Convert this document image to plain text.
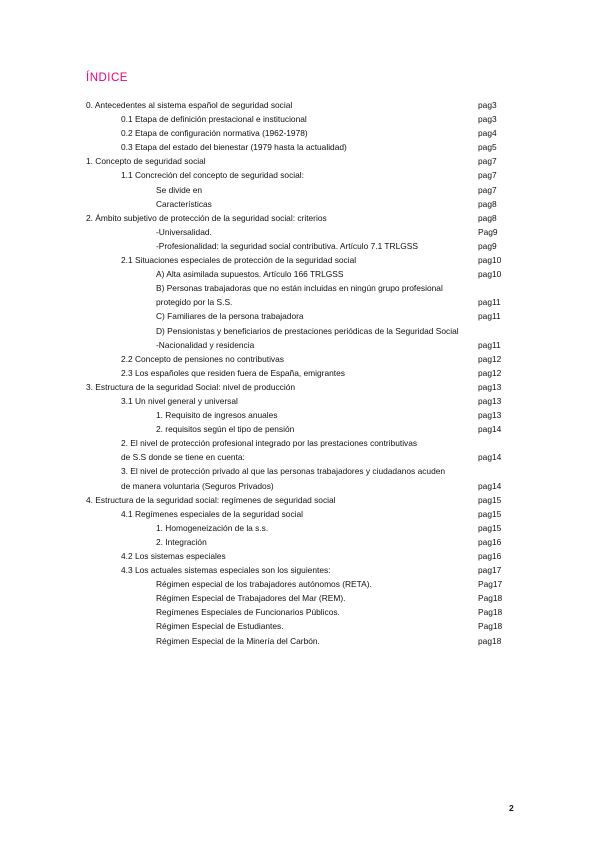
ÍNDICE
0. Antecedentes al sistema español de seguridad social	pag3
0.1 Etapa de definición prestacional e institucional	pag3
0.2 Etapa de configuración normativa (1962-1978)	pag4
0.3 Etapa del estado del bienestar (1979 hasta la actualidad)	pag5
1. Concepto de seguridad social	pag7
1.1 Concreción del concepto de seguridad social:	pag7
Se divide en	pag7
Características	pag8
2. Ámbito subjetivo de protección de la seguridad social: criterios	pag8
-Universalidad.	Pag9
-Profesionalidad: la seguridad social contributiva. Artículo 7.1 TRLGSS	pag9
2.1 Situaciones especiales de protección de la seguridad social	pag10
A) Alta asimilada supuestos. Artículo 166 TRLGSS	pag10
B) Personas trabajadoras que no están incluidas en ningún grupo profesional
protegido por la S.S.	pag11
C) Familiares de la persona trabajadora	pag11
D) Pensionistas y beneficiarios de prestaciones periódicas de la Seguridad Social
-Nacionalidad y residencia	pag11
2.2 Concepto de pensiones no contributivas	pag12
2.3 Los españoles que residen fuera de España, emigrantes	pag12
3. Estructura de la seguridad Social: nivel de producción	pag13
3.1 Un nivel general y universal	pag13
1. Requisito de ingresos anuales	pag13
2. requisitos según el tipo de pensión	pag14
2. El nivel de protección profesional integrado por las prestaciones contributivas
de S.S donde se tiene en cuenta:	pag14
3. El nivel de protección privado al que las personas trabajadores y ciudadanos acuden
de manera voluntaria (Seguros Privados)	pag14
4. Estructura de la seguridad social: regímenes de seguridad social	pag15
4.1 Regímenes especiales de la seguridad social	pag15
1. Homogeneización de la s.s.	pag15
2. Integración	pag16
4.2 Los sistemas especiales	pag16
4.3 Los actuales sistemas especiales son los siguientes:	pag17
Régimen especial de los trabajadores autónomos (RETA).	Pag17
Régimen Especial de Trabajadores del Mar (REM).	Pag18
Regímenes Especiales de Funcionarios Públicos.	Pag18
Régimen Especial de Estudiantes.	Pag18
Régimen Especial de la Minería del Carbón.	pag18
2
